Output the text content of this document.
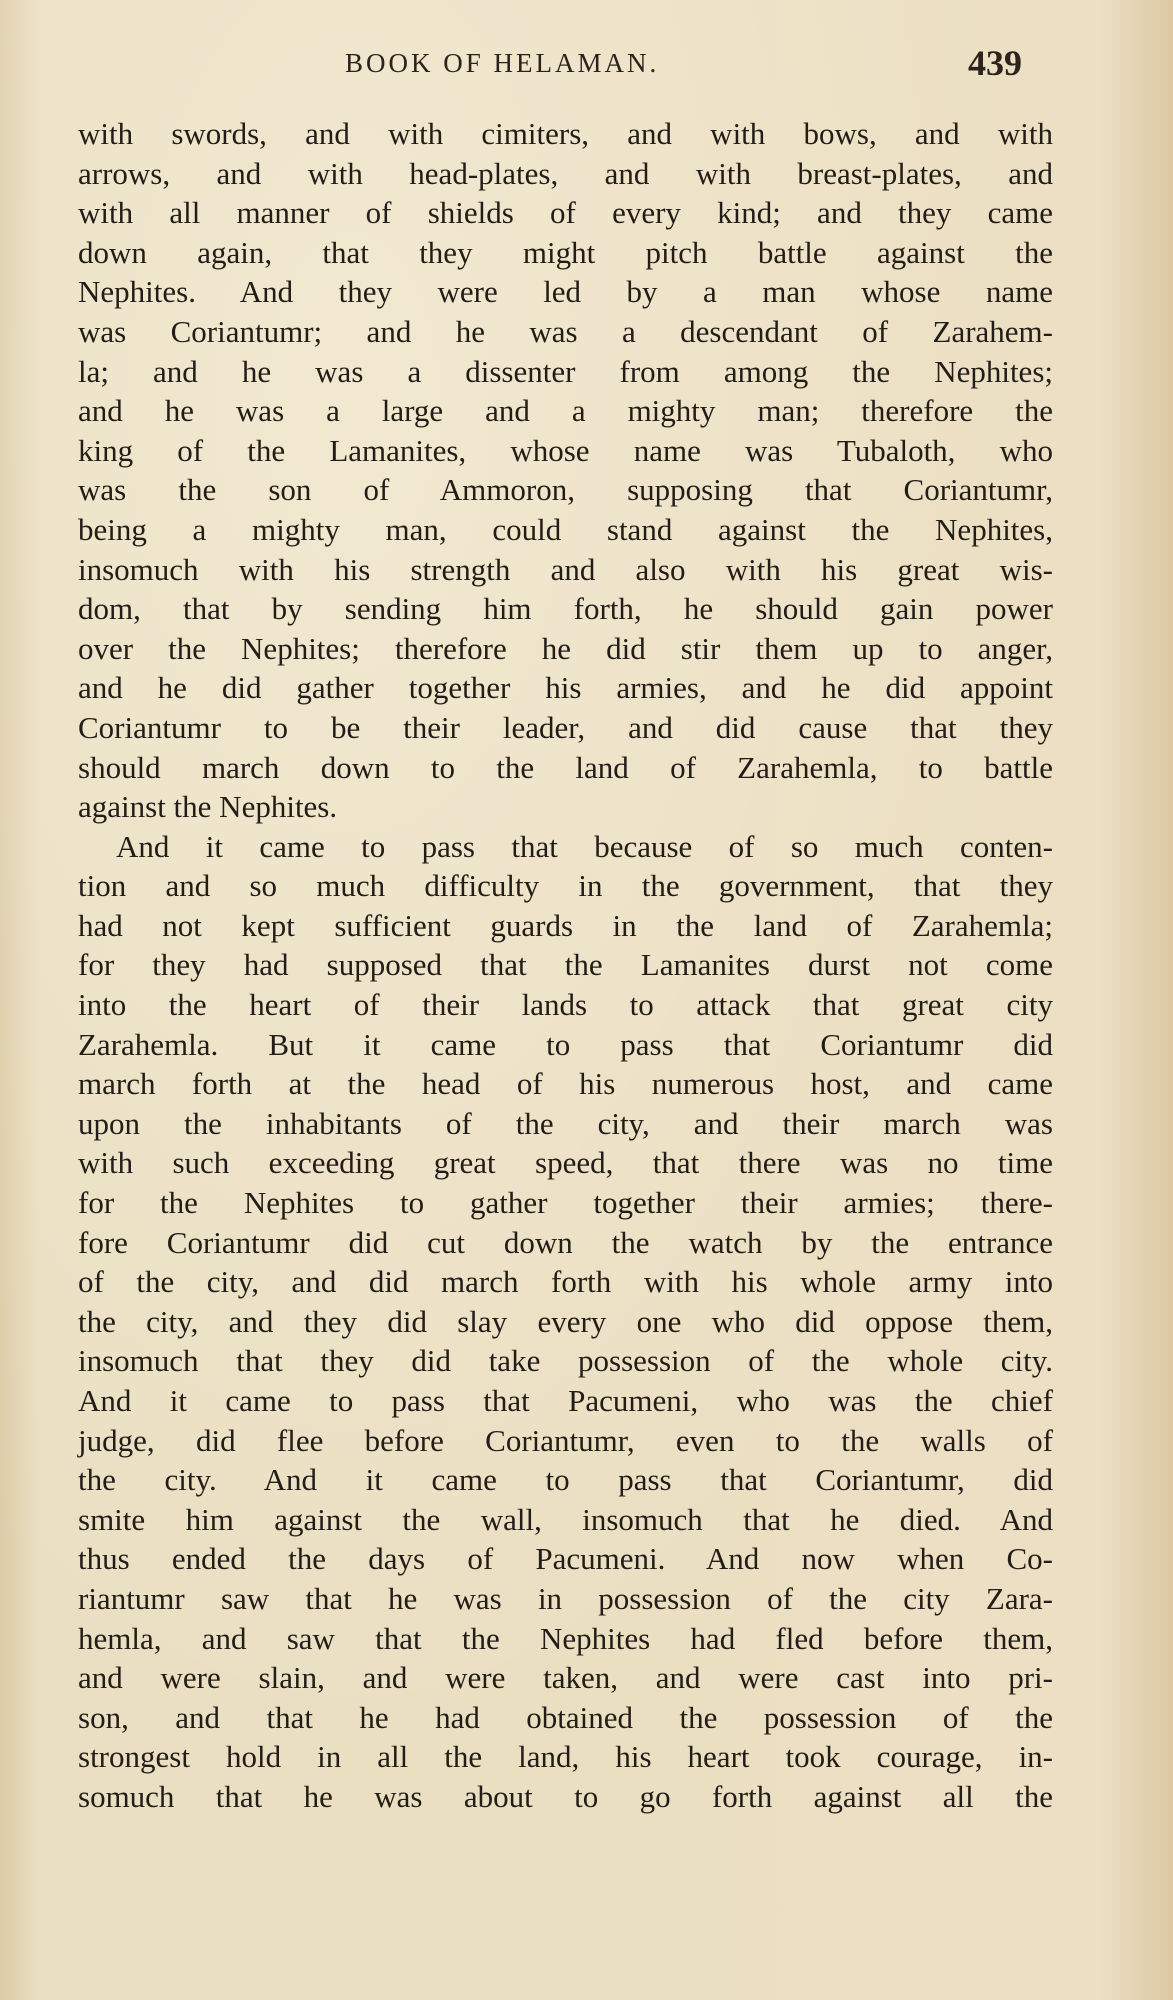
BOOK OF HELAMAN.	439
with swords, and with cimiters, and with bows, and with
arrows, and with head-plates, and with breast-plates, and
with all manner of shields of every kind; and they came
down again, that they might pitch battle against the
Nephites. And they were led by a man whose name
was Coriantumr; and he was a descendant of Zarahem-
la; and he was a dissenter from among the Nephites;
and he was a large and a mighty man; therefore the
king of the Lamanites, whose name was Tubaloth, who
was the son of Ammoron, supposing that Coriantumr,
being a mighty man, could stand against the Nephites,
insomuch with his strength and also with his great wis-
dom, that by sending him forth, he should gain power
over the Nephites; therefore he did stir them up to anger,
and he did gather together his armies, and he did appoint
Coriantumr to be their leader, and did cause that they
should march down to the land of Zarahemla, to battle
against the Nephites.
And it came to pass that because of so much conten-
tion and so much difficulty in the government, that they
had not kept sufficient guards in the land of Zarahemla;
for they had supposed that the Lamanites durst not come
into the heart of their lands to attack that great city
Zarahemla. But it came to pass that Coriantumr did
march forth at the head of his numerous host, and came
upon the inhabitants of the city, and their march was
with such exceeding great speed, that there was no time
for the Nephites to gather together their armies; there-
fore Coriantumr did cut down the watch by the entrance
of the city, and did march forth with his whole army into
the city, and they did slay every one who did oppose them,
insomuch that they did take possession of the whole city.
And it came to pass that Pacumeni, who was the chief
judge, did flee before Coriantumr, even to the walls of
the city. And it came to pass that Coriantumr, did
smite him against the wall, insomuch that he died. And
thus ended the days of Pacumeni. And now when Co-
riantumr saw that he was in possession of the city Zara-
hemla, and saw that the Nephites had fled before them,
and were slain, and were taken, and were cast into pri-
son, and that he had obtained the possession of the
strongest hold in all the land, his heart took courage, in-
somuch that he was about to go forth against all the
